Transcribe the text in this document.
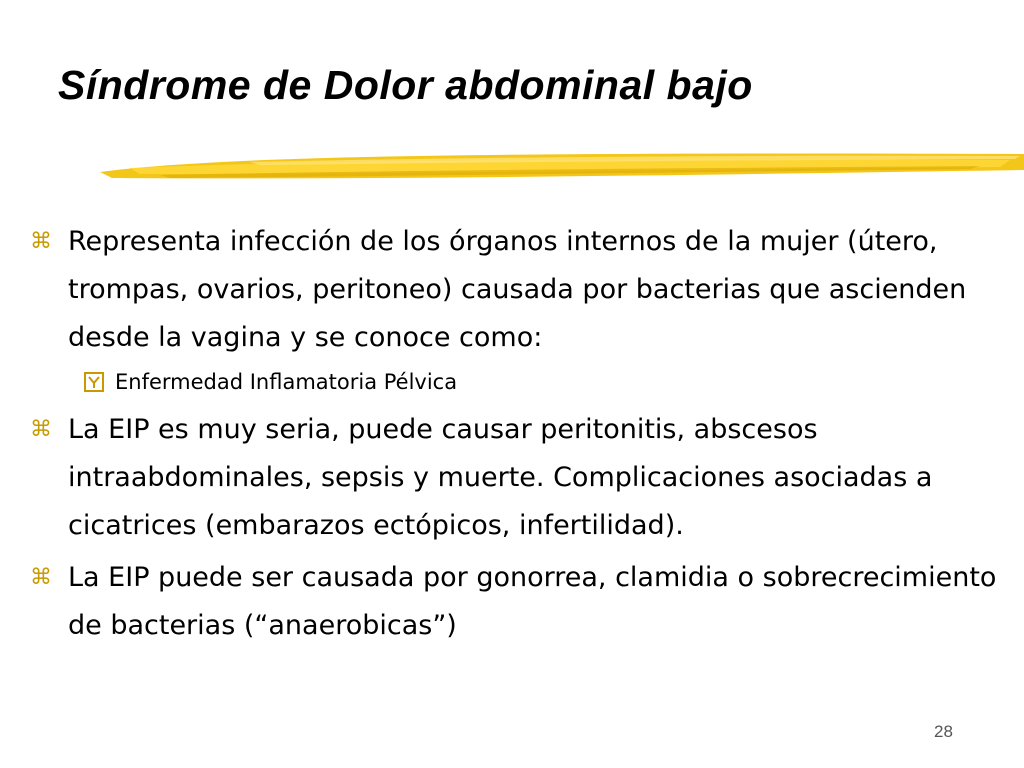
Síndrome de Dolor abdominal bajo

⌘ Representa infección de los órganos internos de la mujer (útero, trompas, ovarios, peritoneo) causada por bacterias que ascienden desde la vagina y se conoce como:

Enfermedad Inflamatoria Pélvica

⌘ La EIP es muy seria, puede causar peritonitis, abscesos intraabdominales, sepsis y muerte. Complicaciones asociadas a cicatrices (embarazos ectópicos, infertilidad).

⌘ La EIP puede ser causada por gonorrea, clamidia o sobrecrecimiento de bacterias (“anaerobicas”)

28
